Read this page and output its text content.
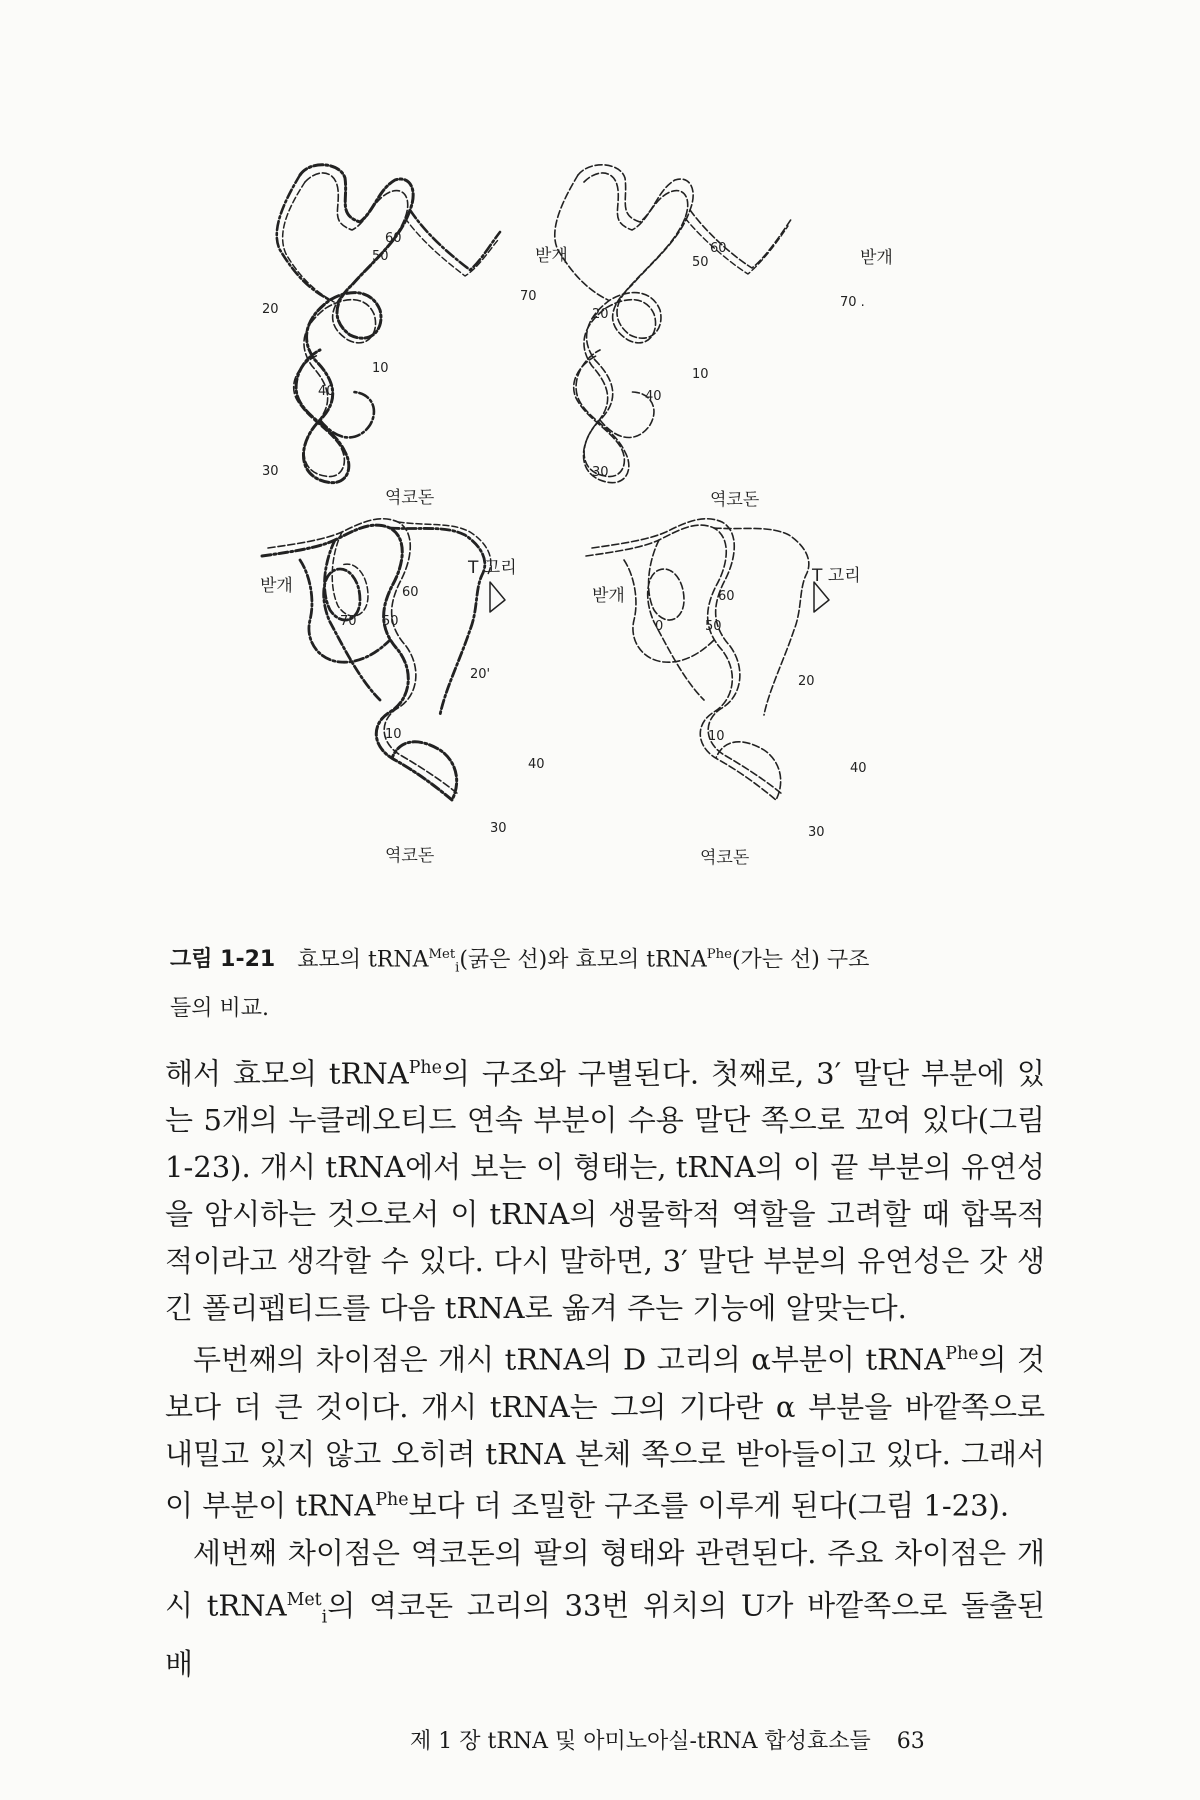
60
50	받개
70
20
10
40
30
역코돈
60
50	받개
70 .
20
10
40
30
역코돈
받개
T 고리
60
70 50
20'
10
40
30
역코돈
받개
T 고리
60
0	50
20
10
40
30
역코돈
그림 1-21 효모의 tRNA$^{Met}_i$(굵은 선)와 효모의 tRNA$^{Phe}$(가는 선) 구조
들의 비교.

해서 효모의 tRNA$^{Phe}$의 구조와 구별된다. 첫째로, 3′ 말단 부분에 있는 5개의 누클레오티드 연속 부분이 수용 말단 쪽으로 꼬여 있다(그림 1-23). 개시 tRNA에서 보는 이 형태는, tRNA의 이 끝 부분의 유연성을 암시하는 것으로서 이 tRNA의 생물학적 역할을 고려할 때 합목적적이라고 생각할 수 있다. 다시 말하면, 3′ 말단 부분의 유연성은 갓 생긴 폴리펩티드를 다음 tRNA로 옮겨 주는 기능에 알맞는다.

두번째의 차이점은 개시 tRNA의 D 고리의 α부분이 tRNA$^{Phe}$의 것보다 더 큰 것이다. 개시 tRNA는 그의 기다란 α 부분을 바깥쪽으로 내밀고 있지 않고 오히려 tRNA 본체 쪽으로 받아들이고 있다. 그래서 이 부분이 tRNA$^{Phe}$보다 더 조밀한 구조를 이루게 된다(그림 1-23).

세번째 차이점은 역코돈의 팔의 형태와 관련된다. 주요 차이점은 개시 tRNA$^{Met}_i$의 역코돈 고리의 33번 위치의 U가 바깥쪽으로 돌출된 배

제 1 장 tRNA 및 아미노아실-tRNA 합성효소들 63
